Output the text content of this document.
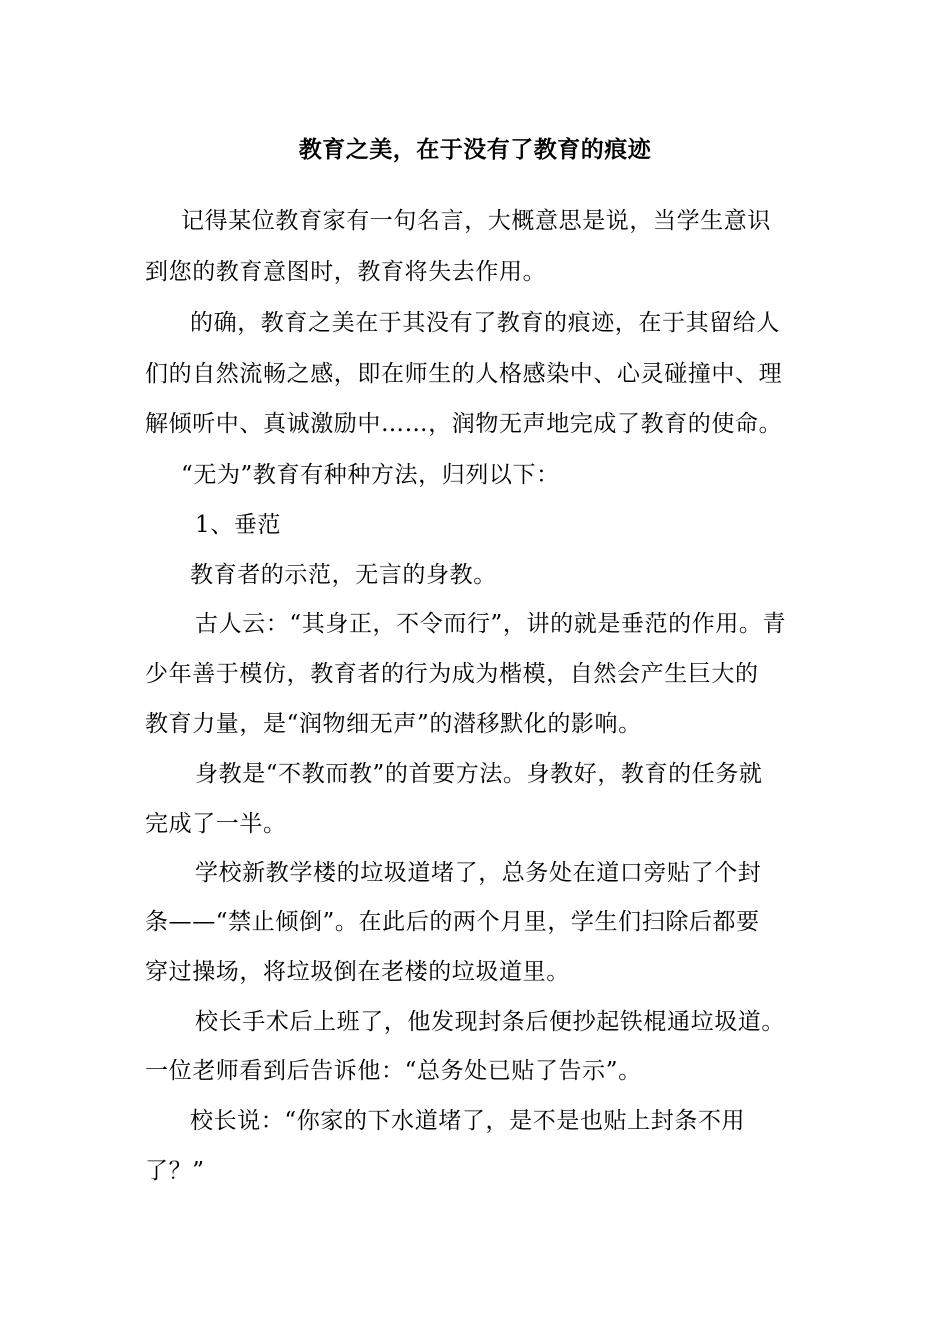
教育之美，在于没有了教育的痕迹
记得某位教育家有一句名言，大概意思是说，当学生意识
到您的教育意图时，教育将失去作用。
的确，教育之美在于其没有了教育的痕迹，在于其留给人
们的自然流畅之感，即在师生的人格感染中、心灵碰撞中、理
解倾听中、真诚激励中……，润物无声地完成了教育的使命。
“无为”教育有种种方法，归列以下：
1、垂范
教育者的示范，无言的身教。
古人云：“其身正，不令而行”，讲的就是垂范的作用。青
少年善于模仿，教育者的行为成为楷模，自然会产生巨大的
教育力量，是“润物细无声”的潜移默化的影响。
身教是“不教而教”的首要方法。身教好，教育的任务就
完成了一半。
学校新教学楼的垃圾道堵了，总务处在道口旁贴了个封
条——“禁止倾倒”。在此后的两个月里，学生们扫除后都要
穿过操场，将垃圾倒在老楼的垃圾道里。
校长手术后上班了，他发现封条后便抄起铁棍通垃圾道。
一位老师看到后告诉他：“总务处已贴了告示”。
校长说：“你家的下水道堵了，是不是也贴上封条不用
了？”
